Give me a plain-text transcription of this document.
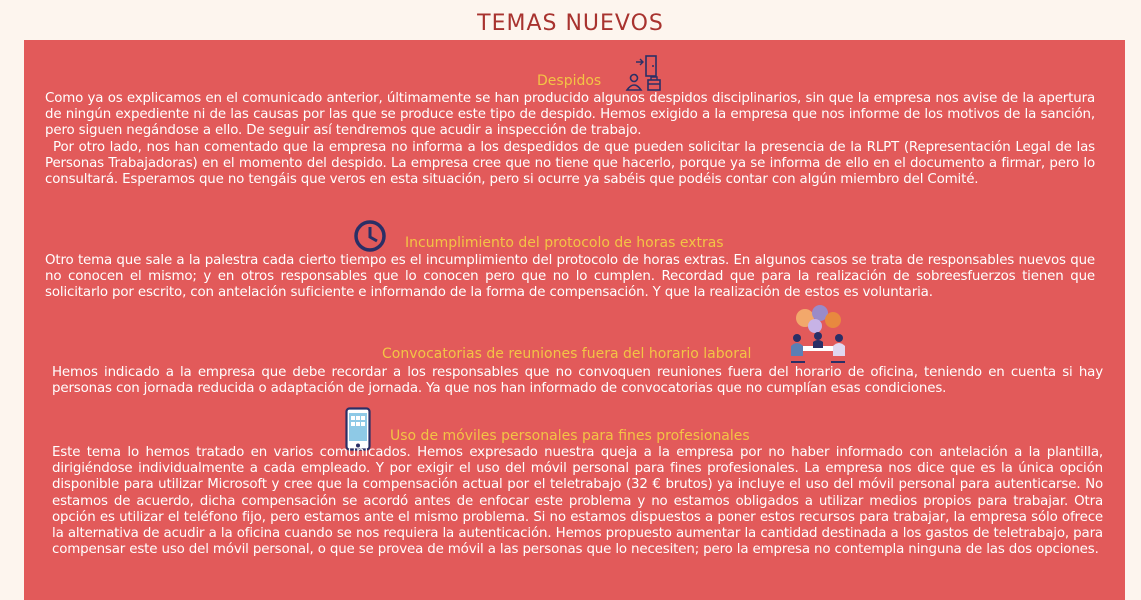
TEMAS NUEVOS
Despidos

Como ya os explicamos en el comunicado anterior, últimamente se han producido algunos despidos disciplinarios, sin que la empresa nos avise de la apertura de ningún expediente ni de las causas por las que se produce este tipo de despido. Hemos exigido a la empresa que nos informe de los motivos de la sanción, pero siguen negándose a ello. De seguir así tendremos que acudir a inspección de trabajo.

Por otro lado, nos han comentado que la empresa no informa a los despedidos de que pueden solicitar la presencia de la RLPT (Representación Legal de las Personas Trabajadoras) en el momento del despido. La empresa cree que no tiene que hacerlo, porque ya se informa de ello en el documento a firmar, pero lo consultará. Esperamos que no tengáis que veros en esta situación, pero si ocurre ya sabéis que podéis contar con algún miembro del Comité.

Incumplimiento del protocolo de horas extras

Otro tema que sale a la palestra cada cierto tiempo es el incumplimiento del protocolo de horas extras. En algunos casos se trata de responsables nuevos que no conocen el mismo; y en otros responsables que lo conocen pero que no lo cumplen. Recordad que para la realización de sobreesfuerzos tienen que solicitarlo por escrito, con antelación suficiente e informando de la forma de compensación. Y que la realización de estos es voluntaria.

Convocatorias de reuniones fuera del horario laboral

Hemos indicado a la empresa que debe recordar a los responsables que no convoquen reuniones fuera del horario de oficina, teniendo en cuenta si hay personas con jornada reducida o adaptación de jornada. Ya que nos han informado de convocatorias que no cumplían esas condiciones.

Uso de móviles personales para fines profesionales

Este tema lo hemos tratado en varios comunicados. Hemos expresado nuestra queja a la empresa por no haber informado con antelación a la plantilla, dirigiéndose individualmente a cada empleado. Y por exigir el uso del móvil personal para fines profesionales. La empresa nos dice que es la única opción disponible para utilizar Microsoft y cree que la compensación actual por el teletrabajo (32 € brutos) ya incluye el uso del móvil personal para autenticarse. No estamos de acuerdo, dicha compensación se acordó antes de enfocar este problema y no estamos obligados a utilizar medios propios para trabajar. Otra opción es utilizar el teléfono fijo, pero estamos ante el mismo problema. Si no estamos dispuestos a poner estos recursos para trabajar, la empresa sólo ofrece la alternativa de acudir a la oficina cuando se nos requiera la autenticación. Hemos propuesto aumentar la cantidad destinada a los gastos de teletrabajo, para compensar este uso del móvil personal, o que se provea de móvil a las personas que lo necesiten; pero la empresa no contempla ninguna de las dos opciones.
